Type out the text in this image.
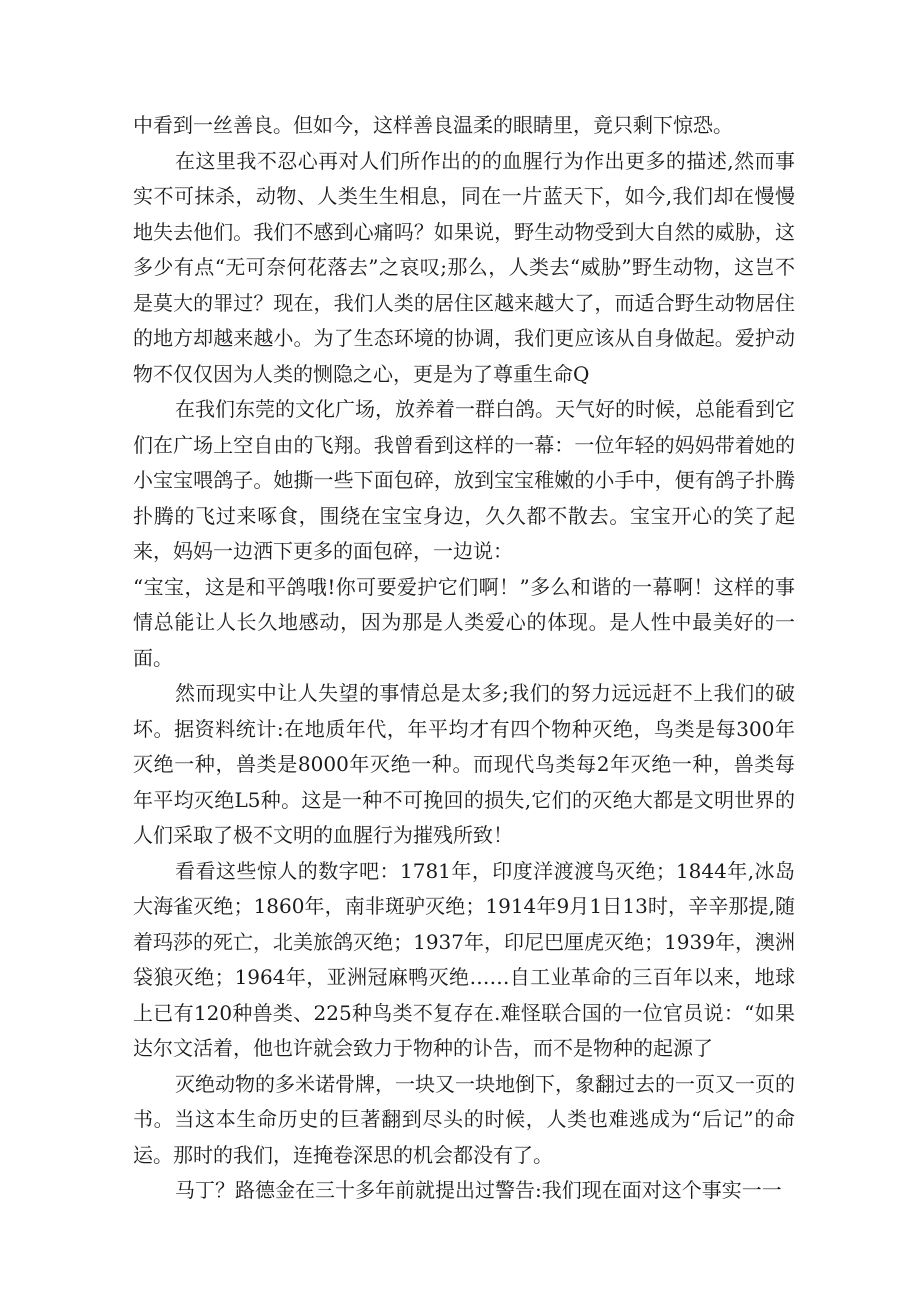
中看到一丝善良。但如今，这样善良温柔的眼睛里，竟只剩下惊恐。

在这里我不忍心再对人们所作出的的血腥行为作出更多的描述,然而事实不可抹杀，动物、人类生生相息，同在一片蓝天下，如今,我们却在慢慢地失去他们。我们不感到心痛吗？如果说，野生动物受到大自然的威胁，这多少有点“无可奈何花落去”之哀叹;那么，人类去“威胁”野生动物，这岂不是莫大的罪过？现在，我们人类的居住区越来越大了，而适合野生动物居住的地方却越来越小。为了生态环境的协调，我们更应该从自身做起。爱护动物不仅仅因为人类的恻隐之心，更是为了尊重生命Q

在我们东莞的文化广场，放养着一群白鸽。天气好的时候，总能看到它们在广场上空自由的飞翔。我曾看到这样的一幕：一位年轻的妈妈带着她的小宝宝喂鸽子。她撕一些下面包碎，放到宝宝稚嫩的小手中，便有鸽子扑腾扑腾的飞过来啄食，围绕在宝宝身边，久久都不散去。宝宝开心的笑了起来，妈妈一边洒下更多的面包碎，一边说：

“宝宝，这是和平鸽哦!你可要爱护它们啊！”多么和谐的一幕啊！这样的事情总能让人长久地感动，因为那是人类爱心的体现。是人性中最美好的一面。

然而现实中让人失望的事情总是太多;我们的努力远远赶不上我们的破坏。据资料统计:在地质年代，年平均才有四个物种灭绝，鸟类是每300年灭绝一种，兽类是8000年灭绝一种。而现代鸟类每2年灭绝一种，兽类每年平均灭绝L5种。这是一种不可挽回的损失,它们的灭绝大都是文明世界的人们采取了极不文明的血腥行为摧残所致！

看看这些惊人的数字吧：1781年，印度洋渡渡鸟灭绝；1844年,冰岛大海雀灭绝；1860年，南非斑驴灭绝；1914年9月1日13时，辛辛那提,随着玛莎的死亡，北美旅鸽灭绝；1937年，印尼巴厘虎灭绝；1939年，澳洲袋狼灭绝；1964年，亚洲冠麻鸭灭绝……自工业革命的三百年以来，地球上已有120种兽类、225种鸟类不复存在.难怪联合国的一位官员说：“如果达尔文活着，他也许就会致力于物种的讣告，而不是物种的起源了

灭绝动物的多米诺骨牌，一块又一块地倒下，象翻过去的一页又一页的书。当这本生命历史的巨著翻到尽头的时候，人类也难逃成为“后记”的命运。那时的我们，连掩卷深思的机会都没有了。

马丁？路德金在三十多年前就提出过警告:我们现在面对这个事实一一
